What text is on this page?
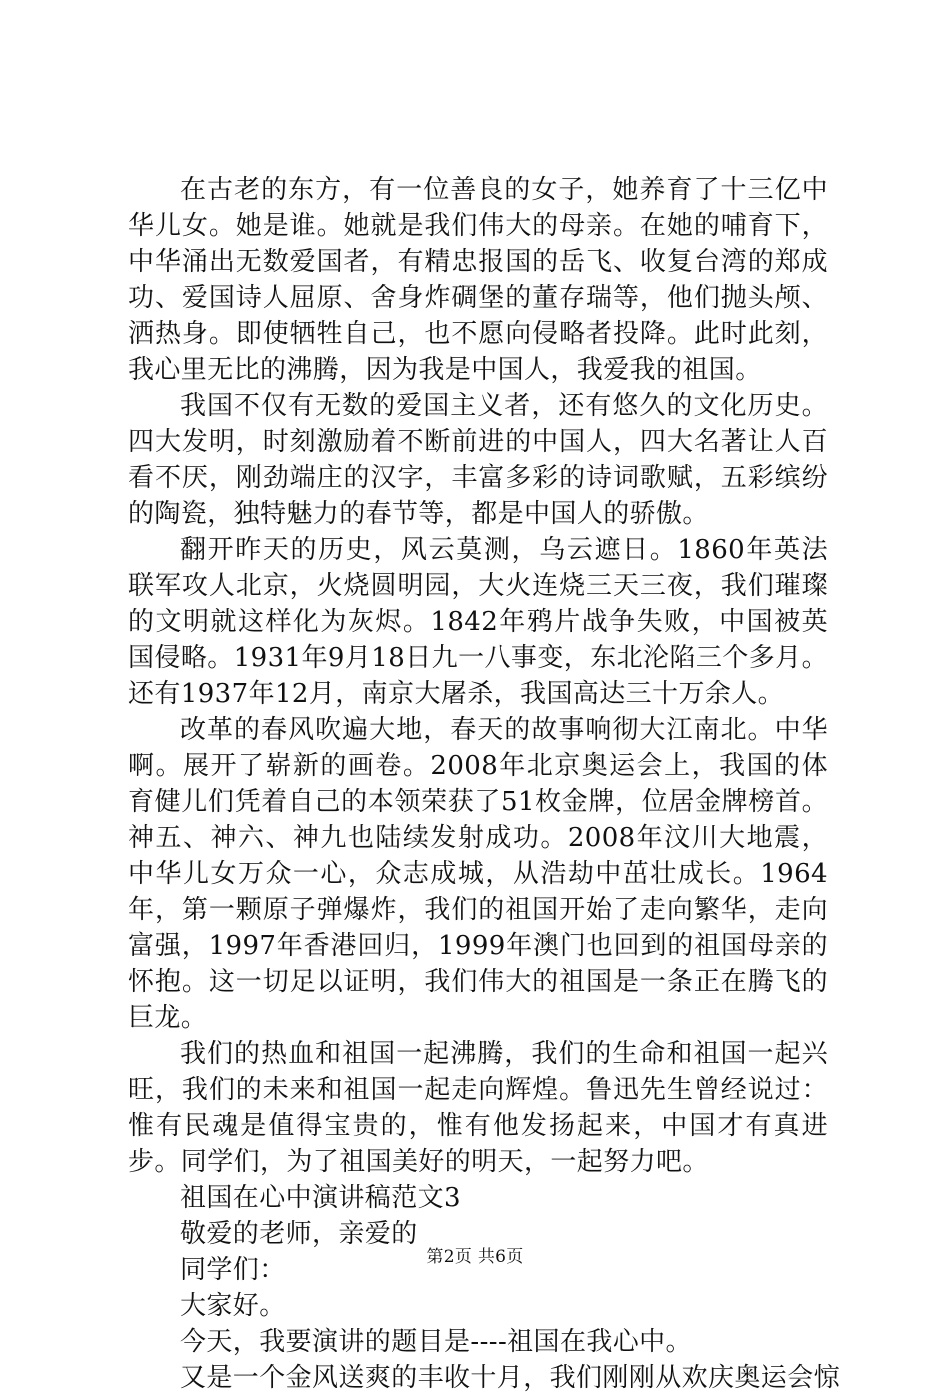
在古老的东方，有一位善良的女子，她养育了十三亿中华儿女。她是谁。她就是我们伟大的母亲。在她的哺育下，中华涌出无数爱国者，有精忠报国的岳飞、收复台湾的郑成功、爱国诗人屈原、舍身炸碉堡的董存瑞等，他们抛头颅、洒热身。即使牺牲自己，也不愿向侵略者投降。此时此刻，我心里无比的沸腾，因为我是中国人，我爱我的祖国。

我国不仅有无数的爱国主义者，还有悠久的文化历史。四大发明，时刻激励着不断前进的中国人，四大名著让人百看不厌，刚劲端庄的汉字，丰富多彩的诗词歌赋，五彩缤纷的陶瓷，独特魅力的春节等，都是中国人的骄傲。

翻开昨天的历史，风云莫测，乌云遮日。1860年英法联军攻人北京，火烧圆明园，大火连烧三天三夜，我们璀璨的文明就这样化为灰烬。1842年鸦片战争失败，中国被英国侵略。1931年9月18日九一八事变，东北沦陷三个多月。还有1937年12月，南京大屠杀，我国高达三十万余人。

改革的春风吹遍大地，春天的故事响彻大江南北。中华啊。展开了崭新的画卷。2008年北京奥运会上，我国的体育健儿们凭着自己的本领荣获了51枚金牌，位居金牌榜首。神五、神六、神九也陆续发射成功。2008年汶川大地震，中华儿女万众一心，众志成城，从浩劫中茁壮成长。1964年，第一颗原子弹爆炸，我们的祖国开始了走向繁华，走向富强，1997年香港回归，1999年澳门也回到的祖国母亲的怀抱。这一切足以证明，我们伟大的祖国是一条正在腾飞的巨龙。

我们的热血和祖国一起沸腾，我们的生命和祖国一起兴旺，我们的未来和祖国一起走向辉煌。鲁迅先生曾经说过：惟有民魂是值得宝贵的，惟有他发扬起来，中国才有真进步。同学们，为了祖国美好的明天，一起努力吧。

祖国在心中演讲稿范文3

敬爱的老师，亲爱的

同学们：

大家好。

今天，我要演讲的题目是----祖国在我心中。

又是一个金风送爽的丰收十月，我们刚刚从欢庆奥运会惊

第2页 共6页
